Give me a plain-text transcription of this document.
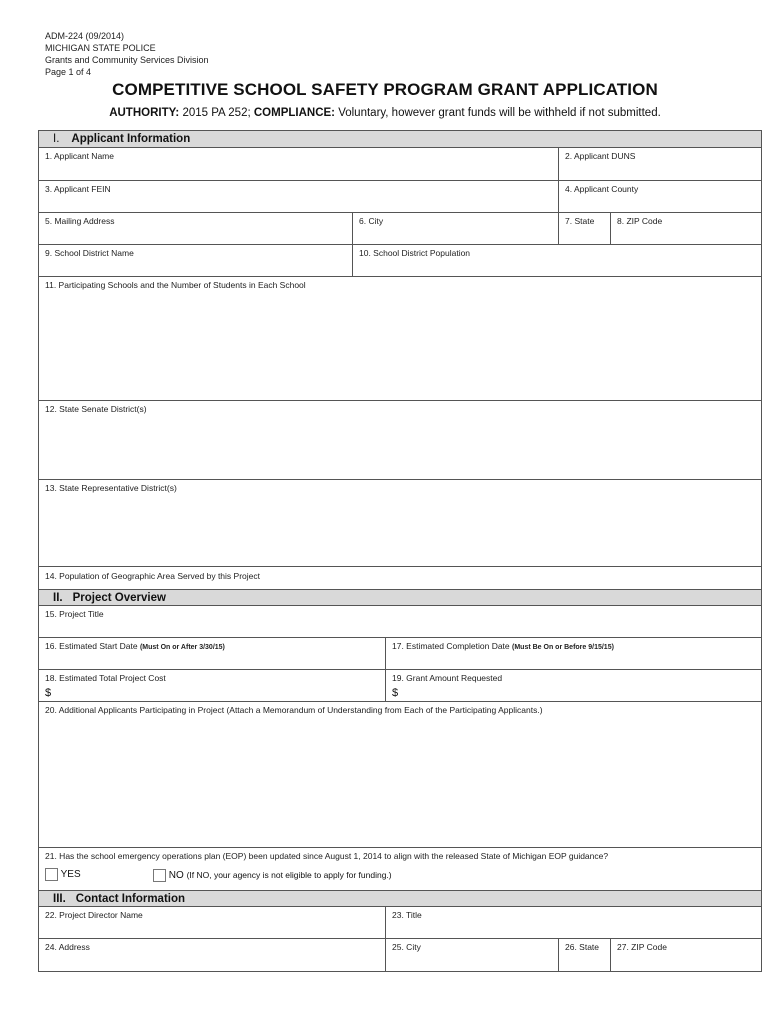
ADM-224 (09/2014)
MICHIGAN STATE POLICE
Grants and Community Services Division
Page 1 of 4
COMPETITIVE SCHOOL SAFETY PROGRAM GRANT APPLICATION
AUTHORITY: 2015 PA 252; COMPLIANCE: Voluntary, however grant funds will be withheld if not submitted.
I. Applicant Information
1. Applicant Name	2. Applicant DUNS
3. Applicant FEIN	4. Applicant County
5. Mailing Address	6. City	7. State	8. ZIP Code
9. School District Name	10. School District Population
11. Participating Schools and the Number of Students in Each School
12. State Senate District(s)
13. State Representative District(s)
14. Population of Geographic Area Served by this Project
II. Project Overview
15. Project Title
16. Estimated Start Date (Must On or After 3/30/15)	17. Estimated Completion Date (Must Be On or Before 9/15/15)
18. Estimated Total Project Cost
$
19. Grant Amount Requested
$
20. Additional Applicants Participating in Project (Attach a Memorandum of Understanding from Each of the Participating Applicants.)
21. Has the school emergency operations plan (EOP) been updated since August 1, 2014 to align with the released State of Michigan EOP guidance?
YES	NO (If NO, your agency is not eligible to apply for funding.)
III. Contact Information
22. Project Director Name	23. Title
24. Address	25. City	26. State 27. ZIP Code
